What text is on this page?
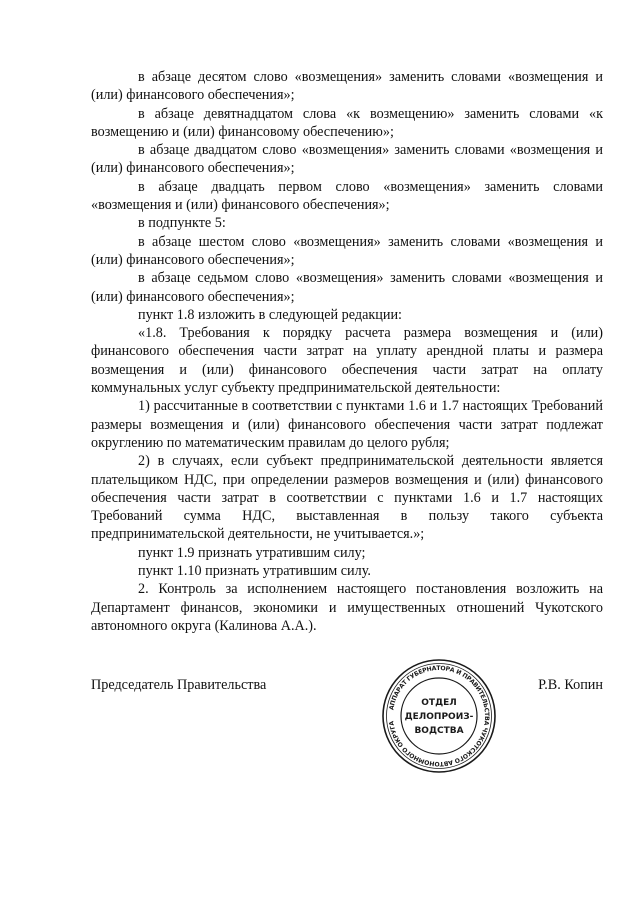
в абзаце десятом слово «возмещения» заменить словами «возмещения и (или) финансового обеспечения»;

в абзаце девятнадцатом слова «к возмещению» заменить словами «к возмещению и (или) финансовому обеспечению»;

в абзаце двадцатом слово «возмещения» заменить словами «возмещения и (или) финансового обеспечения»;

в абзаце двадцать первом слово «возмещения» заменить словами «возмещения и (или) финансового обеспечения»;

в подпункте 5:

в абзаце шестом слово «возмещения» заменить словами «возмещения и (или) финансового обеспечения»;

в абзаце седьмом слово «возмещения» заменить словами «возмещения и (или) финансового обеспечения»;

пункт 1.8 изложить в следующей редакции:

«1.8. Требования к порядку расчета размера возмещения и (или) финансового обеспечения части затрат на уплату арендной платы и размера возмещения и (или) финансового обеспечения части затрат на оплату коммунальных услуг субъекту предпринимательской деятельности:

1) рассчитанные в соответствии с пунктами 1.6 и 1.7 настоящих Требований размеры возмещения и (или) финансового обеспечения части затрат подлежат округлению по математическим правилам до целого рубля;

2) в случаях, если субъект предпринимательской деятельности является плательщиком НДС, при определении размеров возмещения и (или) финансового обеспечения части затрат в соответствии с пунктами 1.6 и 1.7 настоящих Требований сумма НДС, выставленная в пользу такого субъекта предпринимательской деятельности, не учитывается.»;

пункт 1.9 признать утратившим силу;

пункт 1.10 признать утратившим силу.

2. Контроль за исполнением настоящего постановления возложить на Департамент финансов, экономики и имущественных отношений Чукотского автономного округа (Калинова А.А.).

Председатель Правительства	Р.В. Копин
АППАРАТ ГУБЕРНАТОРА И ПРАВИТЕЛЬСТВА ЧУКОТСКОГО АВТОНОМНОГО ОКРУГА
ОТДЕЛ
ДЕЛОПРОИЗ-
ВОДСТВА
